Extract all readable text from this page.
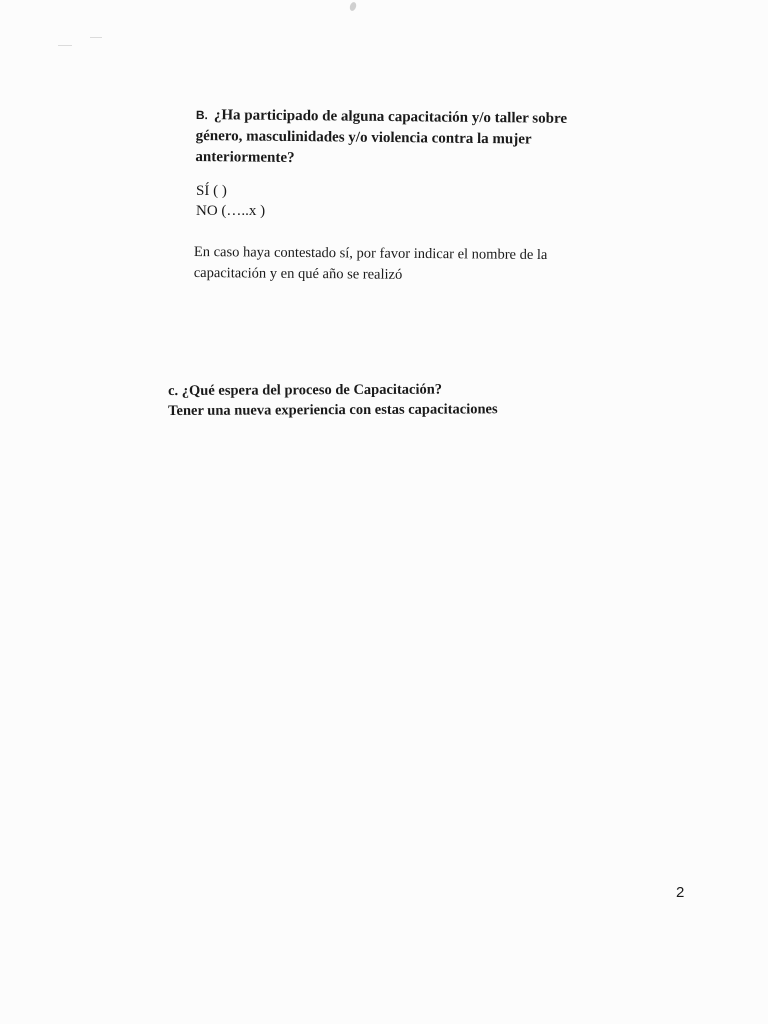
B. ¿Ha participado de alguna capacitación y/o taller sobre
género, masculinidades y/o violencia contra la mujer
anteriormente?
SÍ ( )
NO (…..x )
En caso haya contestado sí, por favor indicar el nombre de la
capacitación y en qué año se realizó
c. ¿Qué espera del proceso de Capacitación?
Tener una nueva experiencia con estas capacitaciones
2
